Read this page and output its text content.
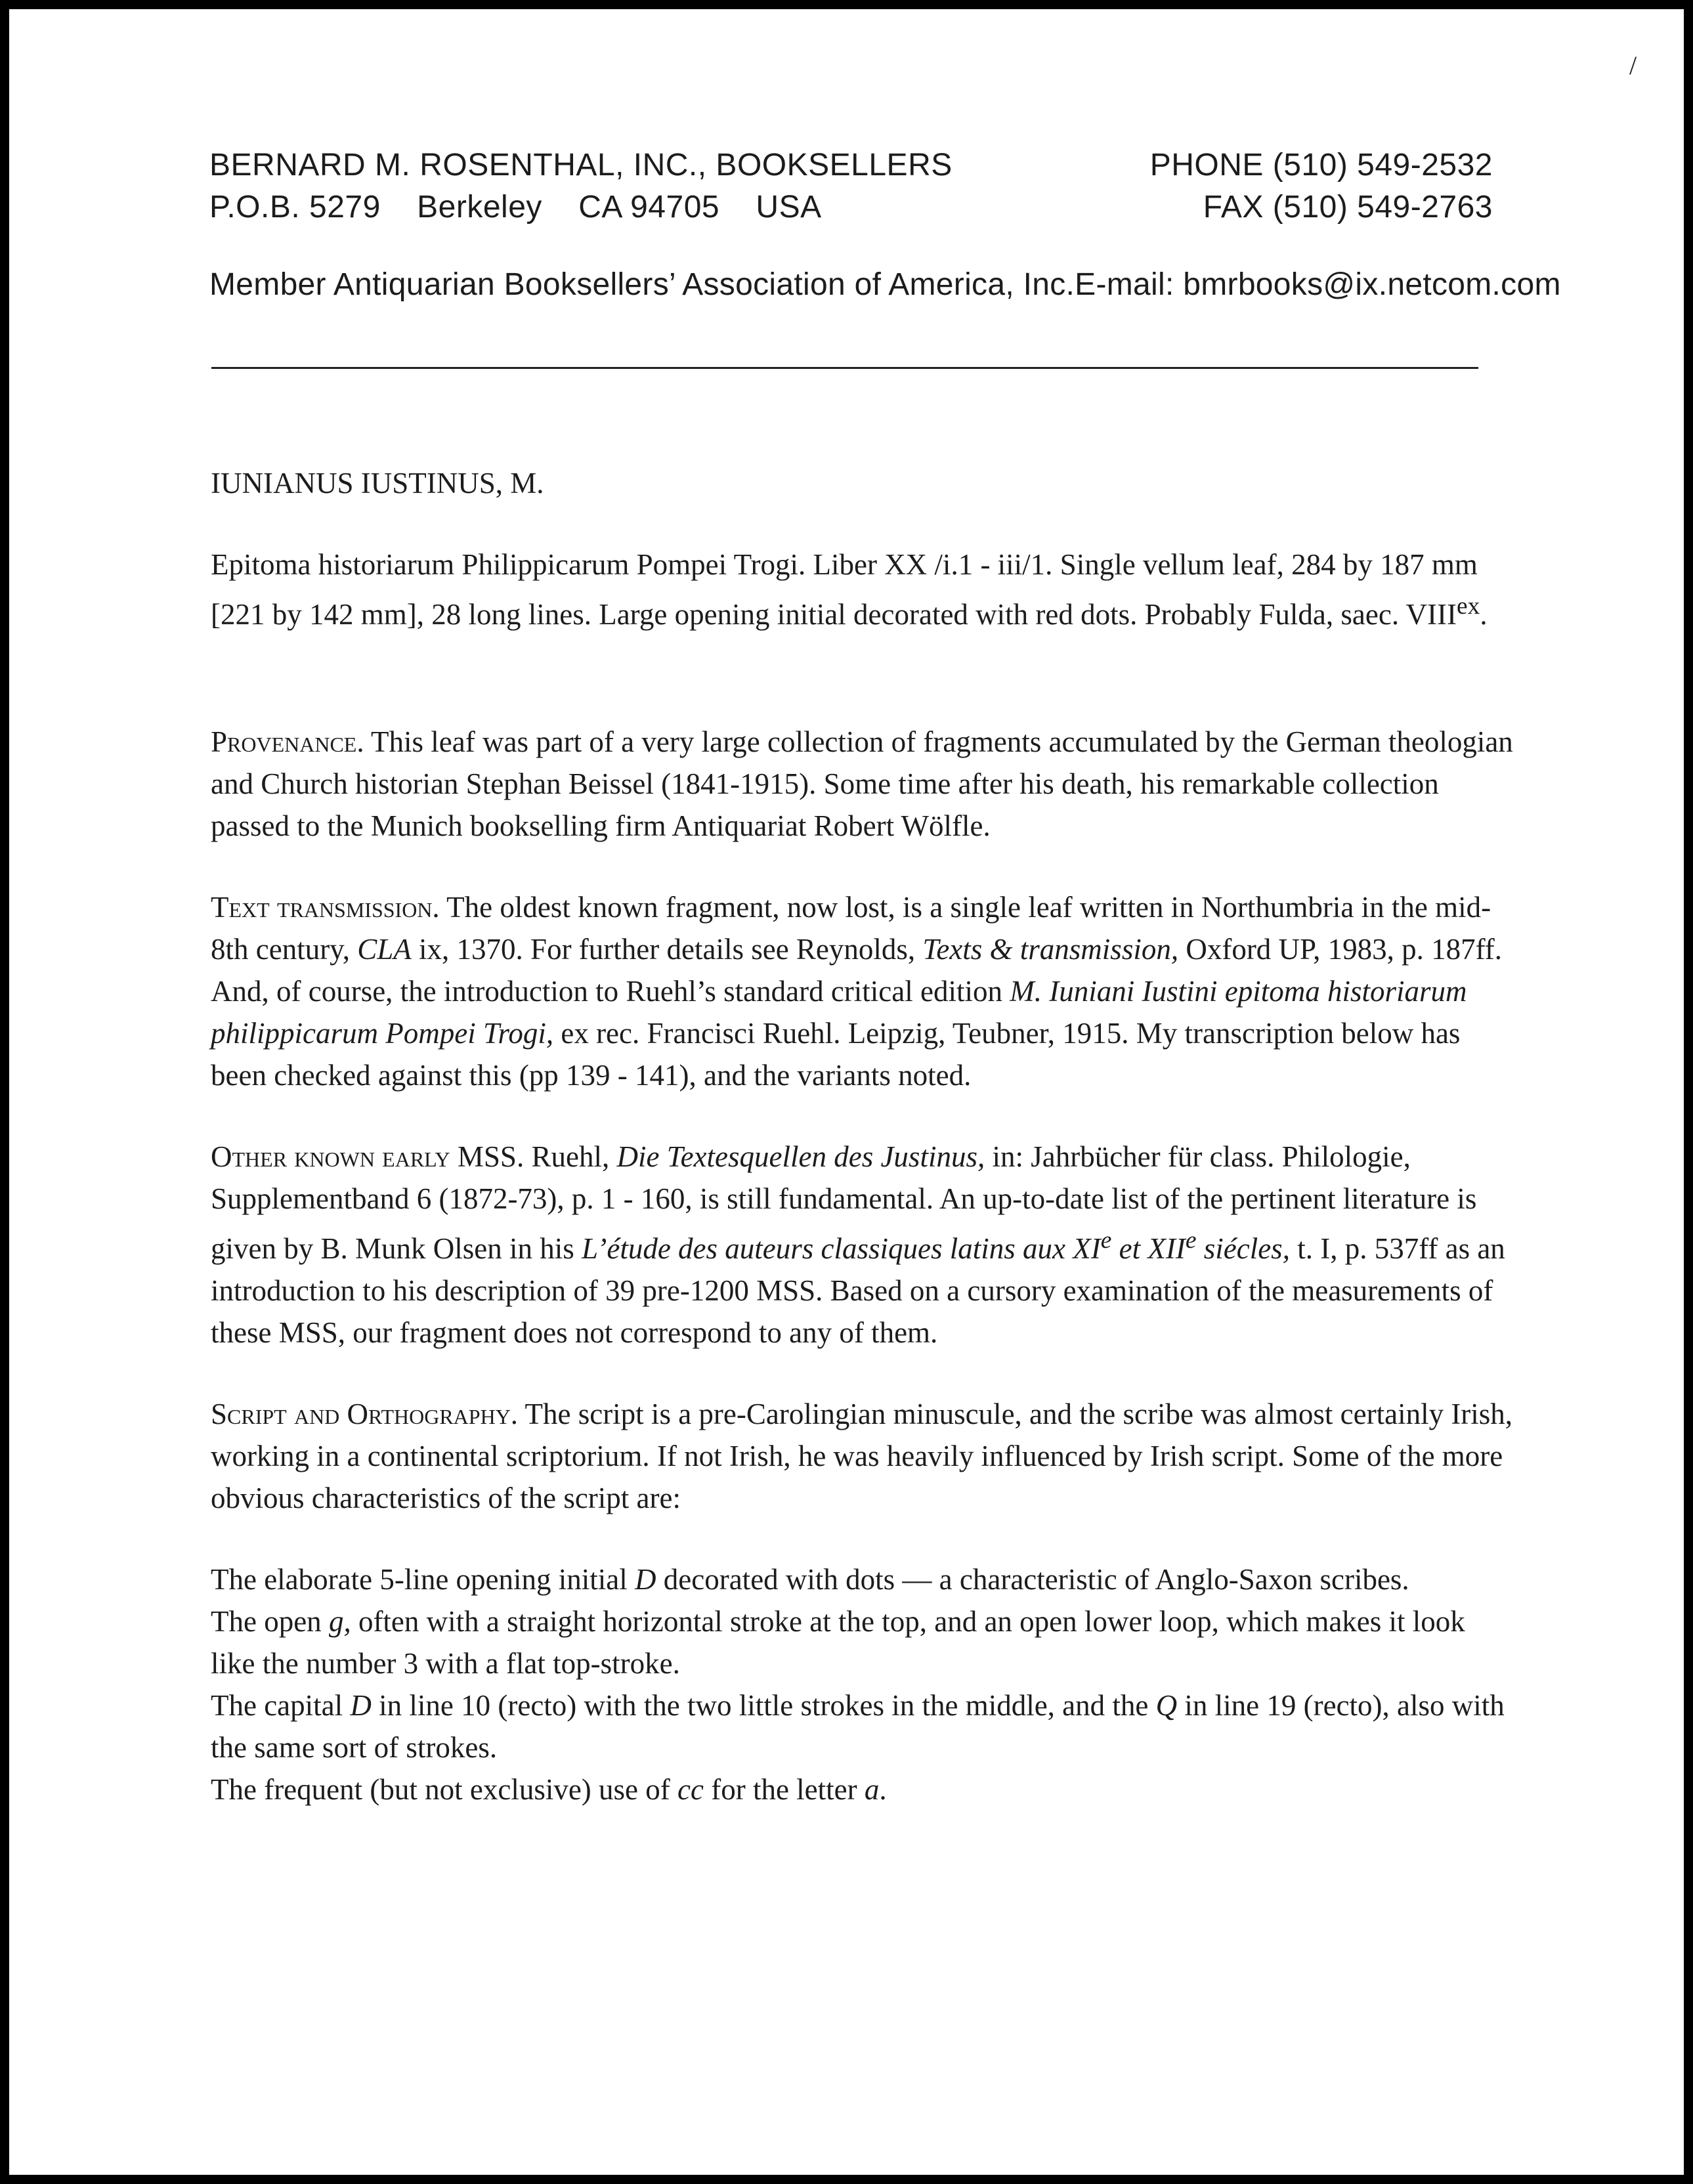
/
BERNARD M. ROSENTHAL, INC., BOOKSELLERS	PHONE (510) 549-2532
P.O.B. 5279    Berkeley    CA 94705    USA	FAX (510) 549-2763
Member Antiquarian Booksellers’ Association of America, Inc.E-mail: bmrbooks@ix.netcom.com

IUNIANUS IUSTINUS, M.

Epitoma historiarum Philippicarum Pompei Trogi. Liber XX /i.1 - iii/1. Single vellum leaf, 284 by 187 mm [221 by 142 mm], 28 long lines. Large opening initial decorated with red dots. Probably Fulda, saec. $VIII^{ex}$.

Provenance. This leaf was part of a very large collection of fragments accumulated by the German theologian and Church historian Stephan Beissel (1841-1915). Some time after his death, his remarkable collection passed to the Munich bookselling firm Antiquariat Robert Wölfle.

Text transmission. The oldest known fragment, now lost, is a single leaf written in Northumbria in the mid-8th century, CLA ix, 1370. For further details see Reynolds, Texts & transmission, Oxford UP, 1983, p. 187ff. And, of course, the introduction to Ruehl’s standard critical edition M. Iuniani Iustini epitoma historiarum philippicarum Pompei Trogi, ex rec. Francisci Ruehl. Leipzig, Teubner, 1915. My transcription below has been checked against this (pp 139 - 141), and the variants noted.

Other known early MSS. Ruehl, Die Textesquellen des Justinus, in: Jahrbücher für class. Philologie, Supplementband 6 (1872-73), p. 1 - 160, is still fundamental. An up-to-date list of the pertinent literature is given by B. Munk Olsen in his L’étude des auteurs classiques latins aux XIe et XIIe siécles, t. I, p. 537ff as an introduction to his description of 39 pre-1200 MSS. Based on a cursory examination of the measurements of these MSS, our fragment does not correspond to any of them.

Script and Orthography. The script is a pre-Carolingian minuscule, and the scribe was almost certainly Irish, working in a continental scriptorium. If not Irish, he was heavily influenced by Irish script. Some of the more obvious characteristics of the script are:

The elaborate 5-line opening initial D decorated with dots — a characteristic of Anglo-Saxon scribes.
The open g, often with a straight horizontal stroke at the top, and an open lower loop, which makes it look like the number 3 with a flat top-stroke.
The capital D in line 10 (recto) with the two little strokes in the middle, and the Q in line 19 (recto), also with the same sort of strokes.
The frequent (but not exclusive) use of cc for the letter a.
